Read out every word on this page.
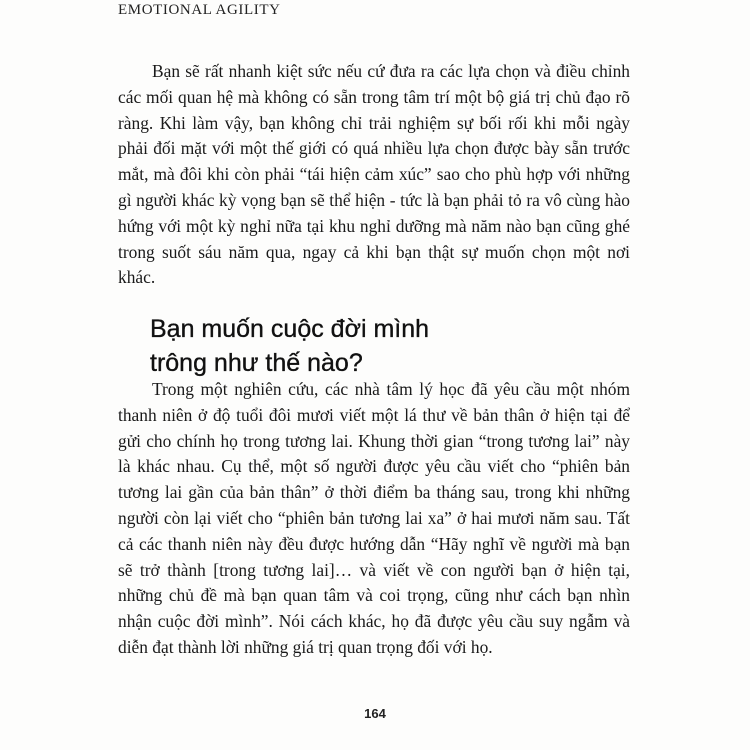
EMOTIONAL AGILITY

Bạn sẽ rất nhanh kiệt sức nếu cứ đưa ra các lựa chọn và điều chỉnh các mối quan hệ mà không có sẵn trong tâm trí một bộ giá trị chủ đạo rõ ràng. Khi làm vậy, bạn không chỉ trải nghiệm sự bối rối khi mỗi ngày phải đối mặt với một thế giới có quá nhiều lựa chọn được bày sẵn trước mắt, mà đôi khi còn phải “tái hiện cảm xúc” sao cho phù hợp với những gì người khác kỳ vọng bạn sẽ thể hiện - tức là bạn phải tỏ ra vô cùng hào hứng với một kỳ nghỉ nữa tại khu nghỉ dưỡng mà năm nào bạn cũng ghé trong suốt sáu năm qua, ngay cả khi bạn thật sự muốn chọn một nơi khác.

Bạn muốn cuộc đời mình
trông như thế nào?

Trong một nghiên cứu, các nhà tâm lý học đã yêu cầu một nhóm thanh niên ở độ tuổi đôi mươi viết một lá thư về bản thân ở hiện tại để gửi cho chính họ trong tương lai. Khung thời gian “trong tương lai” này là khác nhau. Cụ thể, một số người được yêu cầu viết cho “phiên bản tương lai gần của bản thân” ở thời điểm ba tháng sau, trong khi những người còn lại viết cho “phiên bản tương lai xa” ở hai mươi năm sau. Tất cả các thanh niên này đều được hướng dẫn “Hãy nghĩ về người mà bạn sẽ trở thành [trong tương lai]… và viết về con người bạn ở hiện tại, những chủ đề mà bạn quan tâm và coi trọng, cũng như cách bạn nhìn nhận cuộc đời mình”. Nói cách khác, họ đã được yêu cầu suy ngẫm và diễn đạt thành lời những giá trị quan trọng đối với họ.

164
